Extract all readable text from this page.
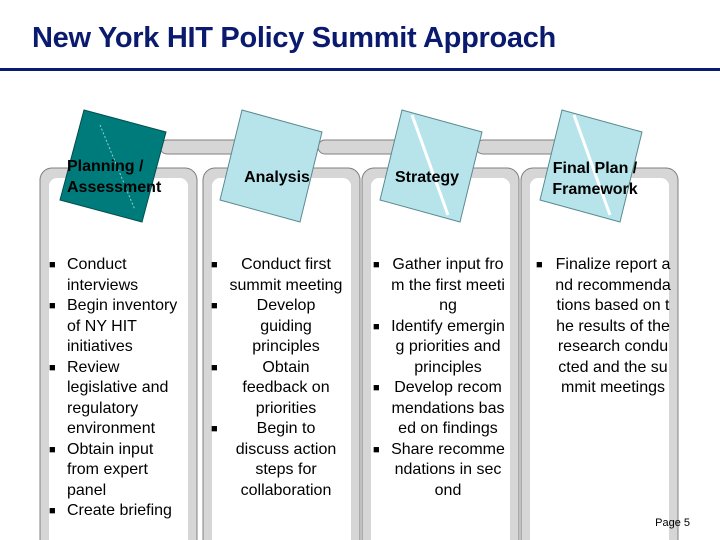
New York HIT Policy Summit Approach
Planning /
Assessment
Analysis	Strategy
Final Plan /
Framework
■ Conduct interviews
■ Begin inventory of NY HIT initiatives
■ Review legislative and regulatory environment
■ Obtain input from expert panel
■ Create briefing
■	Conduct first summit meeting
■	Develop guiding principles
■	Obtain feedback on priorities
■	Begin to discuss action steps for collaboration
■ Gather input from the first meeting
■ Identify emerging priorities and principles
■ Develop recommendations based on findings
■ Share recommendations in second
■ Finalize report and recommendations based on the results of the research conducted and the summit meetings
Page 5
